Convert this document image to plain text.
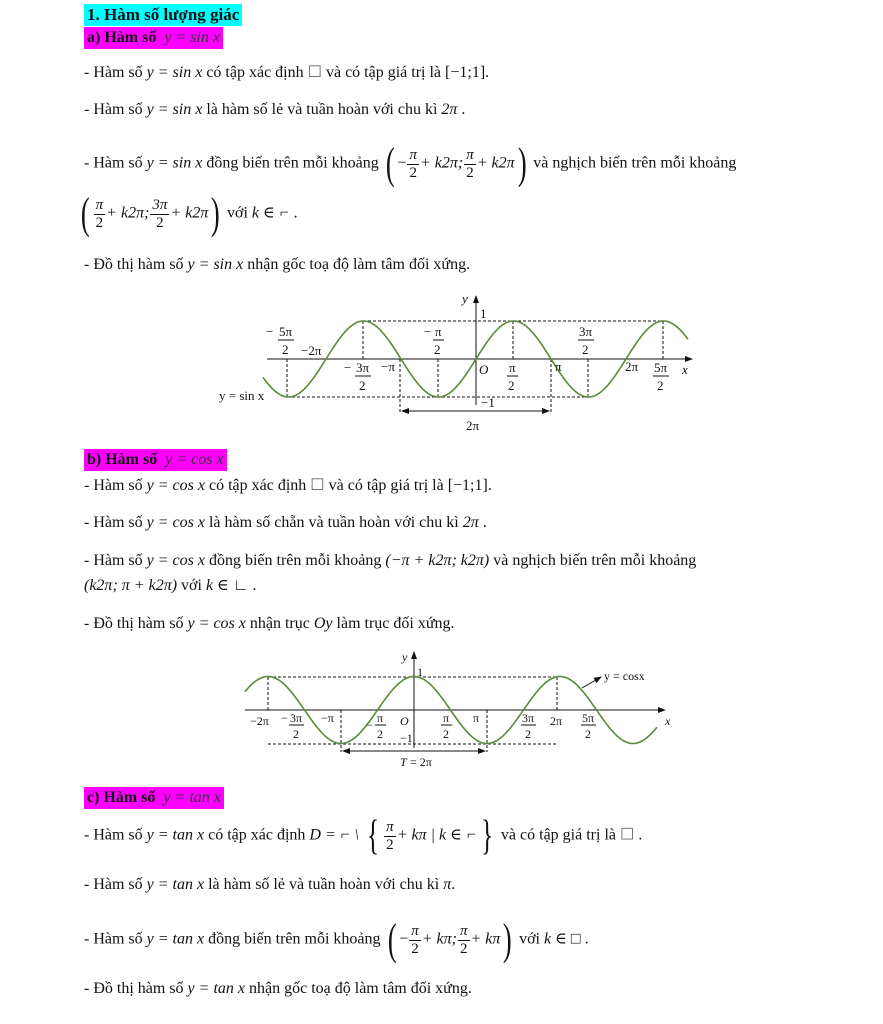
1. Hàm số lượng giác
a) Hàm số y = sin x
- Hàm số y = sin x có tập xác định ☐ và có tập giá trị là [−1;1].
- Hàm số y = sin x là hàm số lẻ và tuần hoàn với chu kì 2π .
- Hàm số y = sin x đồng biến trên mỗi khoảng ( − $\frac{\pi}{2} + k2\pi$; $\frac{\pi}{2} + k2\pi$) và nghịch biến trên mỗi khoảng
( $\frac{\pi}{2} + k2\pi$; $\frac{3\pi}{2} + k2\pi$) với k ∈ ⌐ .
- Đồ thị hàm số y = sin x nhận gốc toạ độ làm tâm đối xứng.
y
1
O	x
−1
−2π
−π	π	2π
2π
y = sin x
− 5π
2
− 3π
2
− π
2
π
2
3π
2
5π
2
b) Hàm số y = cos x
- Hàm số y = cos x có tập xác định ☐ và có tập giá trị là [−1;1].
- Hàm số y = cos x là hàm số chẵn và tuần hoàn với chu kì 2π .
- Hàm số y = cos x đồng biến trên mỗi khoảng (−π + k2π; k2π) và nghịch biến trên mỗi khoảng
(k2π; π + k2π) với k ∈ ∟ .
- Đồ thị hàm số y = cos x nhận trục Oy làm trục đối xứng.
y
1
O
−1
x
−2π	−π	π	2π
y = cosx
T = 2π
− 3π
2
− π
2
π
2
3π
2
5π
2
c) Hàm số y = tan x
- Hàm số y = tan x có tập xác định D = ⌐ \ { $\frac{\pi}{2} + k\pi$ | k ∈ ⌐} và có tập giá trị là ☐ .
- Hàm số y = tan x là hàm số lẻ và tuần hoàn với chu kì π.
- Hàm số y = tan x đồng biến trên mỗi khoảng ( − $\frac{\pi}{2} + k\pi$; $\frac{\pi}{2} + k\pi$) với k ∈ □ .
- Đồ thị hàm số y = tan x nhận gốc toạ độ làm tâm đối xứng.
